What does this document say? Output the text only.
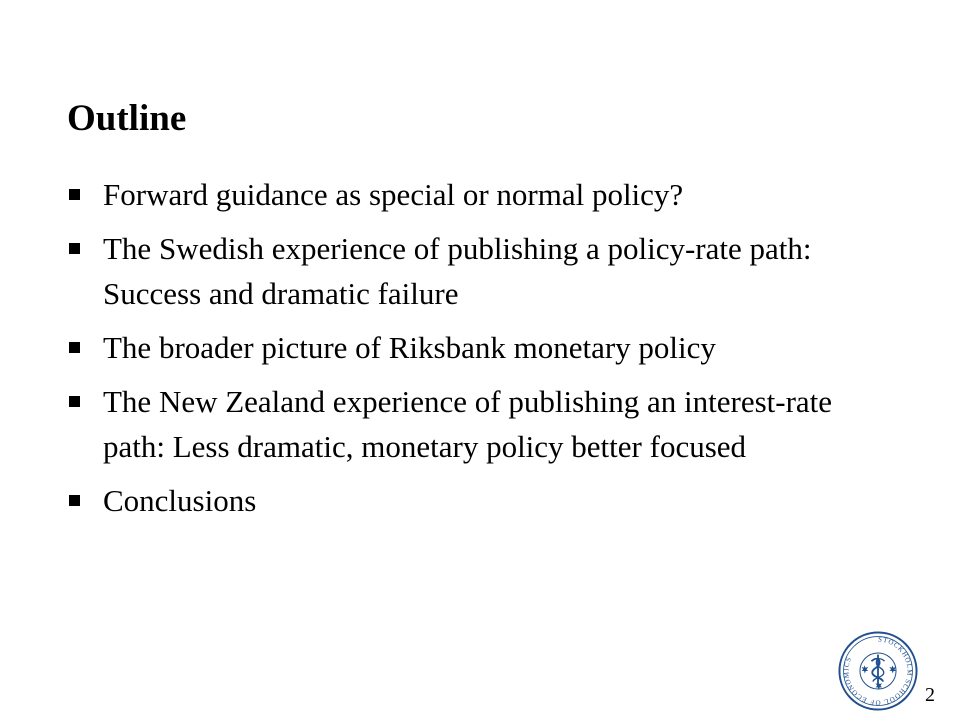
Outline
Forward guidance as special or normal policy?
The Swedish experience of publishing a policy-rate path: Success and dramatic failure
The broader picture of Riksbank monetary policy
The New Zealand experience of publishing an interest-rate path: Less dramatic, monetary policy better focused
Conclusions
STOCKHOLM SCHOOL OF ECONOMICS
2
